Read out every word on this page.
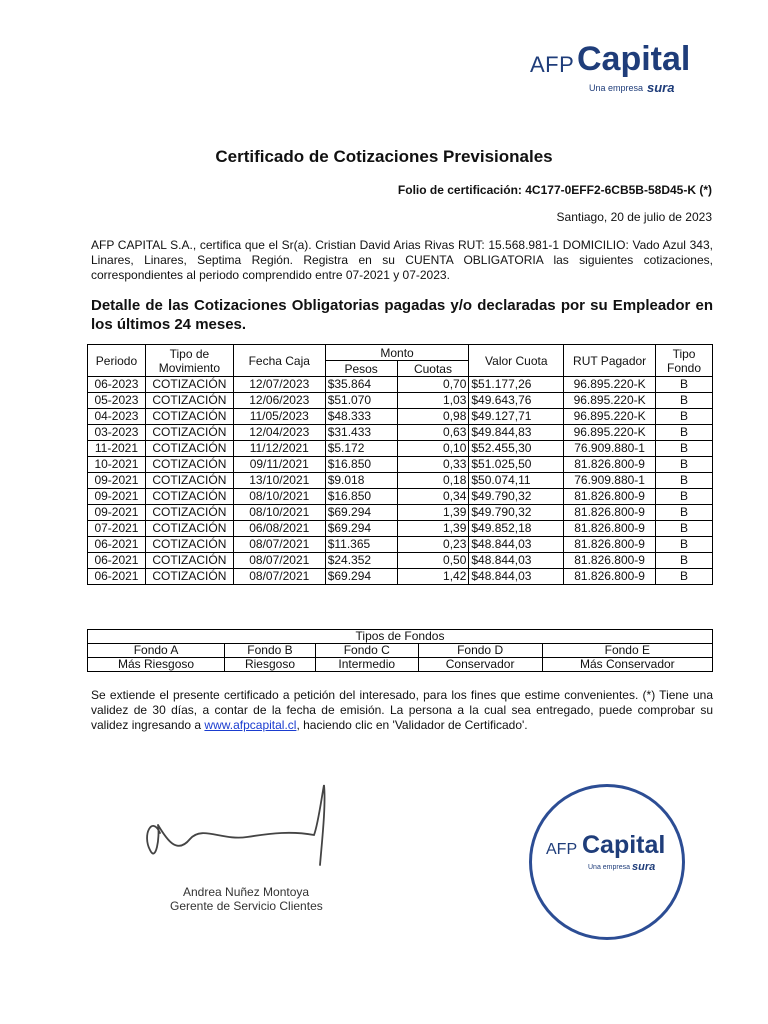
AFP Capital
Una empresa sura
Certificado de Cotizaciones Previsionales
Folio de certificación: 4C177-0EFF2-6CB5B-58D45-K (*)
Santiago, 20 de julio de 2023
AFP CAPITAL S.A., certifica que el Sr(a). Cristian David Arias Rivas RUT: 15.568.981-1 DOMICILIO: Vado Azul 343, Linares, Linares, Septima Región. Registra en su CUENTA OBLIGATORIA las siguientes cotizaciones, correspondientes al periodo comprendido entre 07-2021 y 07-2023.
Detalle de las Cotizaciones Obligatorias pagadas y/o declaradas por su Empleador en los últimos 24 meses.
Periodo	Tipo de Movimiento	Fecha Caja	Monto		Valor Cuota	RUT Pagador	Tipo Fondo
			Pesos	Cuotas			
06-2023	COTIZACIÓN	12/07/2023	$35.864	0,70	$51.177,26	96.895.220-K	B
05-2023	COTIZACIÓN	12/06/2023	$51.070	1,03	$49.643,76	96.895.220-K	B
04-2023	COTIZACIÓN	11/05/2023	$48.333	0,98	$49.127,71	96.895.220-K	B
03-2023	COTIZACIÓN	12/04/2023	$31.433	0,63	$49.844,83	96.895.220-K	B
11-2021	COTIZACIÓN	11/12/2021	$5.172	0,10	$52.455,30	76.909.880-1	B
10-2021	COTIZACIÓN	09/11/2021	$16.850	0,33	$51.025,50	81.826.800-9	B
09-2021	COTIZACIÓN	13/10/2021	$9.018	0,18	$50.074,11	76.909.880-1	B
09-2021	COTIZACIÓN	08/10/2021	$16.850	0,34	$49.790,32	81.826.800-9	B
09-2021	COTIZACIÓN	08/10/2021	$69.294	1,39	$49.790,32	81.826.800-9	B
07-2021	COTIZACIÓN	06/08/2021	$69.294	1,39	$49.852,18	81.826.800-9	B
06-2021	COTIZACIÓN	08/07/2021	$11.365	0,23	$48.844,03	81.826.800-9	B
06-2021	COTIZACIÓN	08/07/2021	$24.352	0,50	$48.844,03	81.826.800-9	B
06-2021	COTIZACIÓN	08/07/2021	$69.294	1,42	$48.844,03	81.826.800-9	B
Tipos de Fondos				
Fondo A	Fondo B	Fondo C	Fondo D	Fondo E
Más Riesgoso	Riesgoso	Intermedio	Conservador	Más Conservador
Se extiende el presente certificado a petición del interesado, para los fines que estime convenientes. (*) Tiene una validez de 30 días, a contar de la fecha de emisión. La persona a la cual sea entregado, puede comprobar su validez ingresando a www.afpcapital.cl, haciendo clic en 'Validador de Certificado'.
Andrea Nuñez Montoya
Gerente de Servicio Clientes
AFP Capital
Una empresa sura
